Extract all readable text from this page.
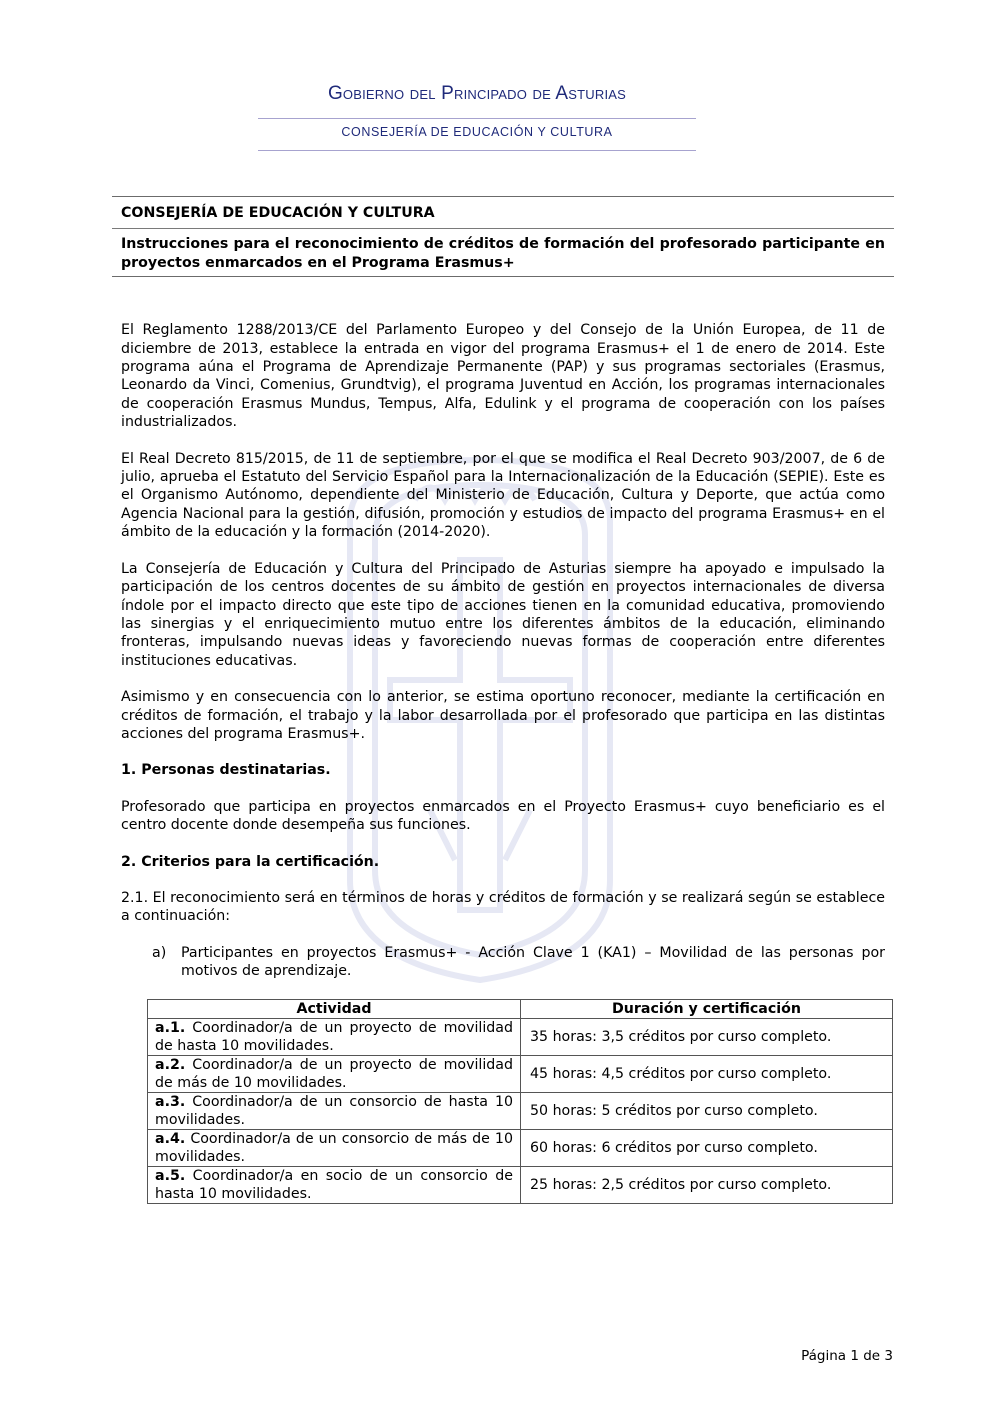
Gobierno del Principado de Asturias
CONSEJERÍA DE EDUCACIÓN Y CULTURA
CONSEJERÍA DE EDUCACIÓN Y CULTURA
Instrucciones para el reconocimiento de créditos de formación del profesorado participante en proyectos enmarcados en el Programa Erasmus+

El Reglamento 1288/2013/CE del Parlamento Europeo y del Consejo de la Unión Europea, de 11 de diciembre de 2013, establece la entrada en vigor del programa Erasmus+ el 1 de enero de 2014. Este programa aúna el Programa de Aprendizaje Permanente (PAP) y sus programas sectoriales (Erasmus, Leonardo da Vinci, Comenius, Grundtvig), el programa Juventud en Acción, los programas internacionales de cooperación Erasmus Mundus, Tempus, Alfa, Edulink y el programa de cooperación con los países industrializados.

El Real Decreto 815/2015, de 11 de septiembre, por el que se modifica el Real Decreto 903/2007, de 6 de julio, aprueba el Estatuto del Servicio Español para la Internacionalización de la Educación (SEPIE). Este es el Organismo Autónomo, dependiente del Ministerio de Educación, Cultura y Deporte, que actúa como Agencia Nacional para la gestión, difusión, promoción y estudios de impacto del programa Erasmus+ en el ámbito de la educación y la formación (2014-2020).

La Consejería de Educación y Cultura del Principado de Asturias siempre ha apoyado e impulsado la participación de los centros docentes de su ámbito de gestión en proyectos internacionales de diversa índole por el impacto directo que este tipo de acciones tienen en la comunidad educativa, promoviendo las sinergias y el enriquecimiento mutuo entre los diferentes ámbitos de la educación, eliminando fronteras, impulsando nuevas ideas y favoreciendo nuevas formas de cooperación entre diferentes instituciones educativas.

Asimismo y en consecuencia con lo anterior, se estima oportuno reconocer, mediante la certificación en créditos de formación, el trabajo y la labor desarrollada por el profesorado que participa en las distintas acciones del programa Erasmus+.

1. Personas destinatarias.

Profesorado que participa en proyectos enmarcados en el Proyecto Erasmus+ cuyo beneficiario es el centro docente donde desempeña sus funciones.

2. Criterios para la certificación.

2.1. El reconocimiento será en términos de horas y créditos de formación y se realizará según se establece a continuación:

a)	Participantes en proyectos Erasmus+ - Acción Clave 1 (KA1) – Movilidad de las personas por motivos de aprendizaje.
Actividad	Duración y certificación
a.1. Coordinador/a de un proyecto de movilidad de hasta 10 movilidades.	35 horas: 3,5 créditos por curso completo.
a.2. Coordinador/a de un proyecto de movilidad de más de 10 movilidades.	45 horas: 4,5 créditos por curso completo.
a.3. Coordinador/a de un consorcio de hasta 10 movilidades.	50 horas: 5 créditos por curso completo.
a.4. Coordinador/a de un consorcio de más de 10 movilidades.	60 horas: 6 créditos por curso completo.
a.5. Coordinador/a en socio de un consorcio de hasta 10 movilidades.	25 horas: 2,5 créditos por curso completo.
Página 1 de 3
